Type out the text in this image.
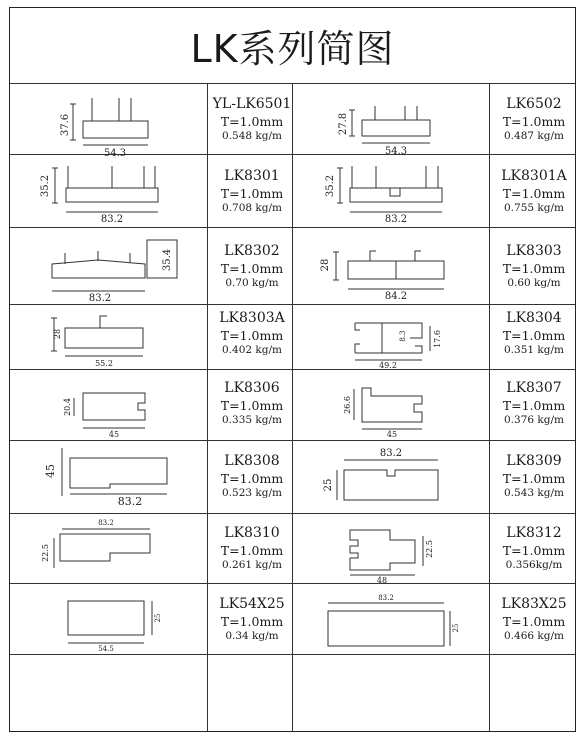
LK系列简图
YL-LK6501
T=1.0mm
0.548 kg/m
LK6502
T=1.0mm
0.487 kg/m
LK8301
T=1.0mm
0.708 kg/m
LK8301A
T=1.0mm
0.755 kg/m
LK8302
T=1.0mm
0.70 kg/m
LK8303
T=1.0mm
0.60 kg/m
LK8303A
T=1.0mm
0.402 kg/m
LK8304
T=1.0mm
0.351 kg/m
LK8306
T=1.0mm
0.335 kg/m
LK8307
T=1.0mm
0.376 kg/m
LK8308
T=1.0mm
0.523 kg/m
LK8309
T=1.0mm
0.543 kg/m
LK8310
T=1.0mm
0.261 kg/m
LK8312
T=1.0mm
0.356kg/m
LK54X25
T=1.0mm
0.34 kg/m
LK83X25
T=1.0mm
0.466 kg/m
37.6
54.3
27.8
54.3
35.2
83.2
35.2
83.2
35.4
83.2
28
84.2
28
55.2
17.6
49.2
8.3
20.4
45
26.6
45
45
83.2
83.2
25
83.2
22.5	22.5
48
25
54.5
83.2
25
